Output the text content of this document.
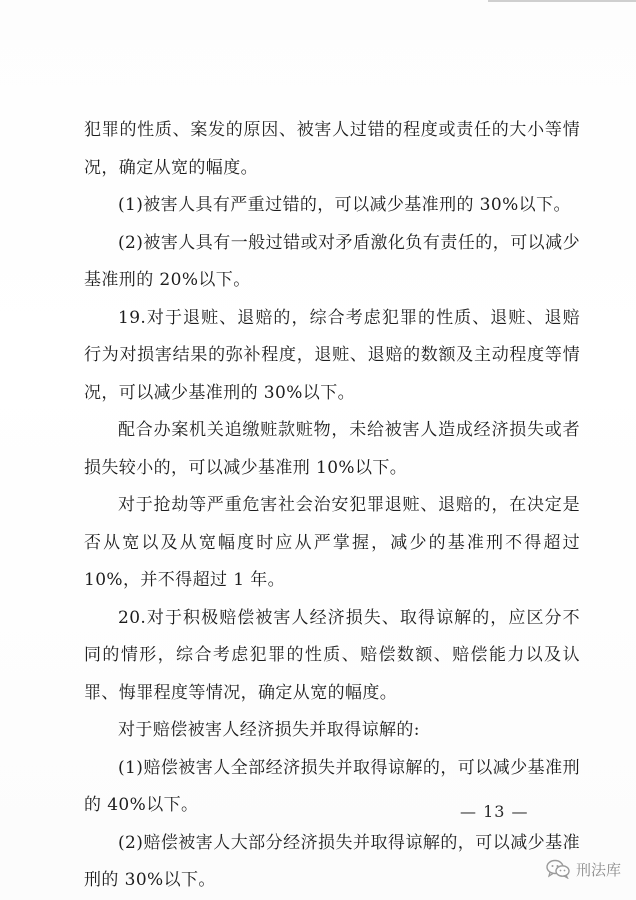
犯罪的性质、案发的原因、被害人过错的程度或责任的大小等情况，确定从宽的幅度。

(1)被害人具有严重过错的，可以减少基准刑的 30%以下。

(2)被害人具有一般过错或对矛盾激化负有责任的，可以减少基准刑的 20%以下。

19.对于退赃、退赔的，综合考虑犯罪的性质、退赃、退赔行为对损害结果的弥补程度，退赃、退赔的数额及主动程度等情况，可以减少基准刑的 30%以下。

配合办案机关追缴赃款赃物，未给被害人造成经济损失或者损失较小的，可以减少基准刑 10%以下。

对于抢劫等严重危害社会治安犯罪退赃、退赔的，在决定是否从宽以及从宽幅度时应从严掌握，减少的基准刑不得超过 10%，并不得超过 1 年。

20.对于积极赔偿被害人经济损失、取得谅解的，应区分不同的情形，综合考虑犯罪的性质、赔偿数额、赔偿能力以及认罪、悔罪程度等情况，确定从宽的幅度。

对于赔偿被害人经济损失并取得谅解的:

(1)赔偿被害人全部经济损失并取得谅解的，可以减少基准刑的 40%以下。

(2)赔偿被害人大部分经济损失并取得谅解的，可以减少基准刑的 30%以下。

— 13 —
刑法库
